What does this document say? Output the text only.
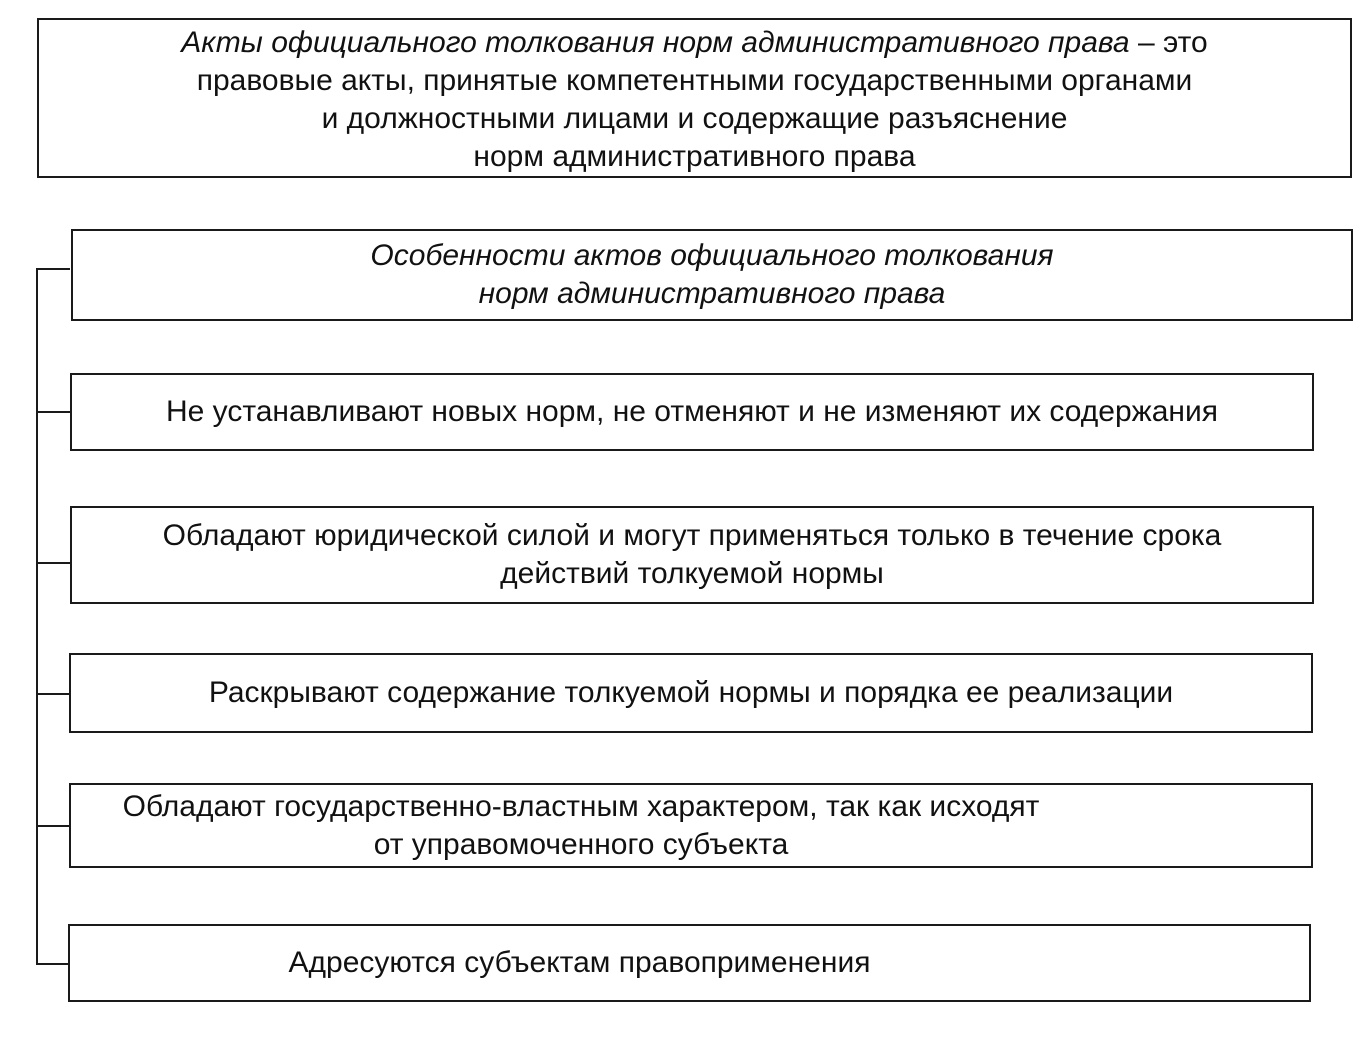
Акты официального толкования норм административного права – это
правовые акты, принятые компетентными государственными органами
и должностными лицами и содержащие разъяснение
норм административного права
Особенности актов официального толкования
норм административного права
Не устанавливают новых норм, не отменяют и не изменяют их содержания
Обладают юридической силой и могут применяться только в течение срока
действий толкуемой нормы
Раскрывают содержание толкуемой нормы и порядка ее реализации
Обладают государственно-властным характером, так как исходят
от управомоченного субъекта
Адресуются субъектам правоприменения
